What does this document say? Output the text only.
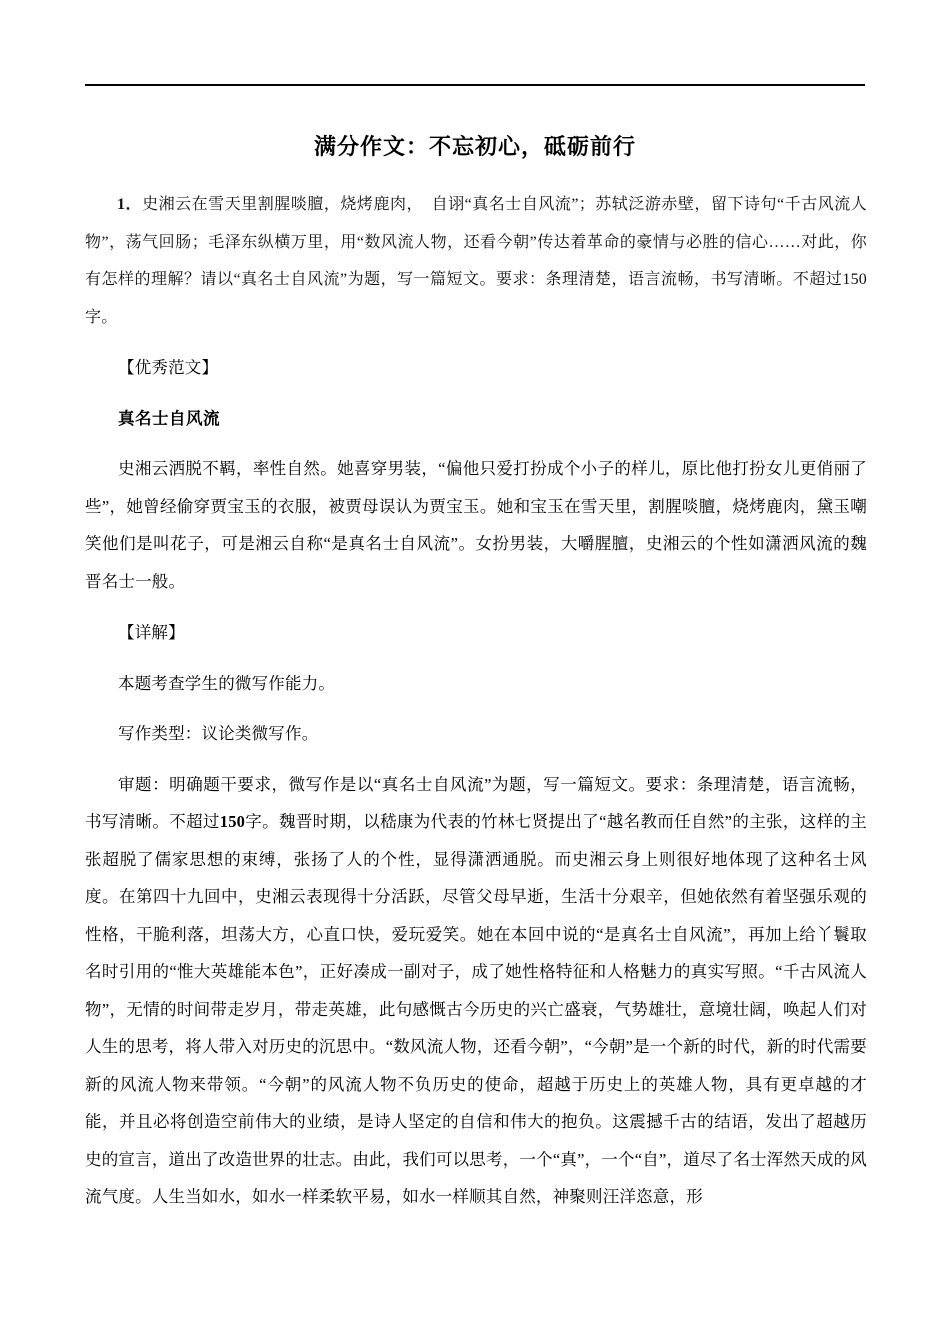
满分作文：不忘初心，砥砺前行

1．史湘云在雪天里割腥啖膻，烧烤鹿肉，　自诩“真名士自风流”；苏轼泛游赤壁，留下诗句“千古风流人物”，荡气回肠；毛泽东纵横万里，用“数风流人物，还看今朝”传达着革命的豪情与必胜的信心……对此，你有怎样的理解？请以“真名士自风流”为题，写一篇短文。要求：条理清楚，语言流畅，书写清晰。不超过150字。

【优秀范文】

真名士自风流

史湘云洒脱不羁，率性自然。她喜穿男装，“偏他只爱打扮成个小子的样儿，原比他打扮女儿更俏丽了些”，她曾经偷穿贾宝玉的衣服，被贾母误认为贾宝玉。她和宝玉在雪天里，割腥啖膻，烧烤鹿肉，黛玉嘲笑他们是叫花子，可是湘云自称“是真名士自风流”。女扮男装，大嚼腥膻，史湘云的个性如潇洒风流的魏晋名士一般。

【详解】

本题考查学生的微写作能力。

写作类型：议论类微写作。

审题：明确题干要求，微写作是以“真名士自风流”为题，写一篇短文。要求：条理清楚，语言流畅，书写清晰。不超过150字。魏晋时期，以嵇康为代表的竹林七贤提出了“越名教而任自然”的主张，这样的主张超脱了儒家思想的束缚，张扬了人的个性，显得潇洒通脱。而史湘云身上则很好地体现了这种名士风度。在第四十九回中，史湘云表现得十分活跃，尽管父母早逝，生活十分艰辛，但她依然有着坚强乐观的性格，干脆利落，坦荡大方，心直口快，爱玩爱笑。她在本回中说的“是真名士自风流”，再加上给丫鬟取名时引用的“惟大英雄能本色”，正好凑成一副对子，成了她性格特征和人格魅力的真实写照。“千古风流人物”，无情的时间带走岁月，带走英雄，此句感慨古今历史的兴亡盛衰，气势雄壮，意境壮阔，唤起人们对人生的思考，将人带入对历史的沉思中。“数风流人物，还看今朝”，“今朝”是一个新的时代，新的时代需要新的风流人物来带领。“今朝”的风流人物不负历史的使命，超越于历史上的英雄人物，具有更卓越的才能，并且必将创造空前伟大的业绩，是诗人坚定的自信和伟大的抱负。这震撼千古的结语，发出了超越历史的宣言，道出了改造世界的壮志。由此，我们可以思考，一个“真”，一个“自”，道尽了名士浑然天成的风流气度。人生当如水，如水一样柔软平易，如水一样顺其自然，神聚则汪洋恣意，形
